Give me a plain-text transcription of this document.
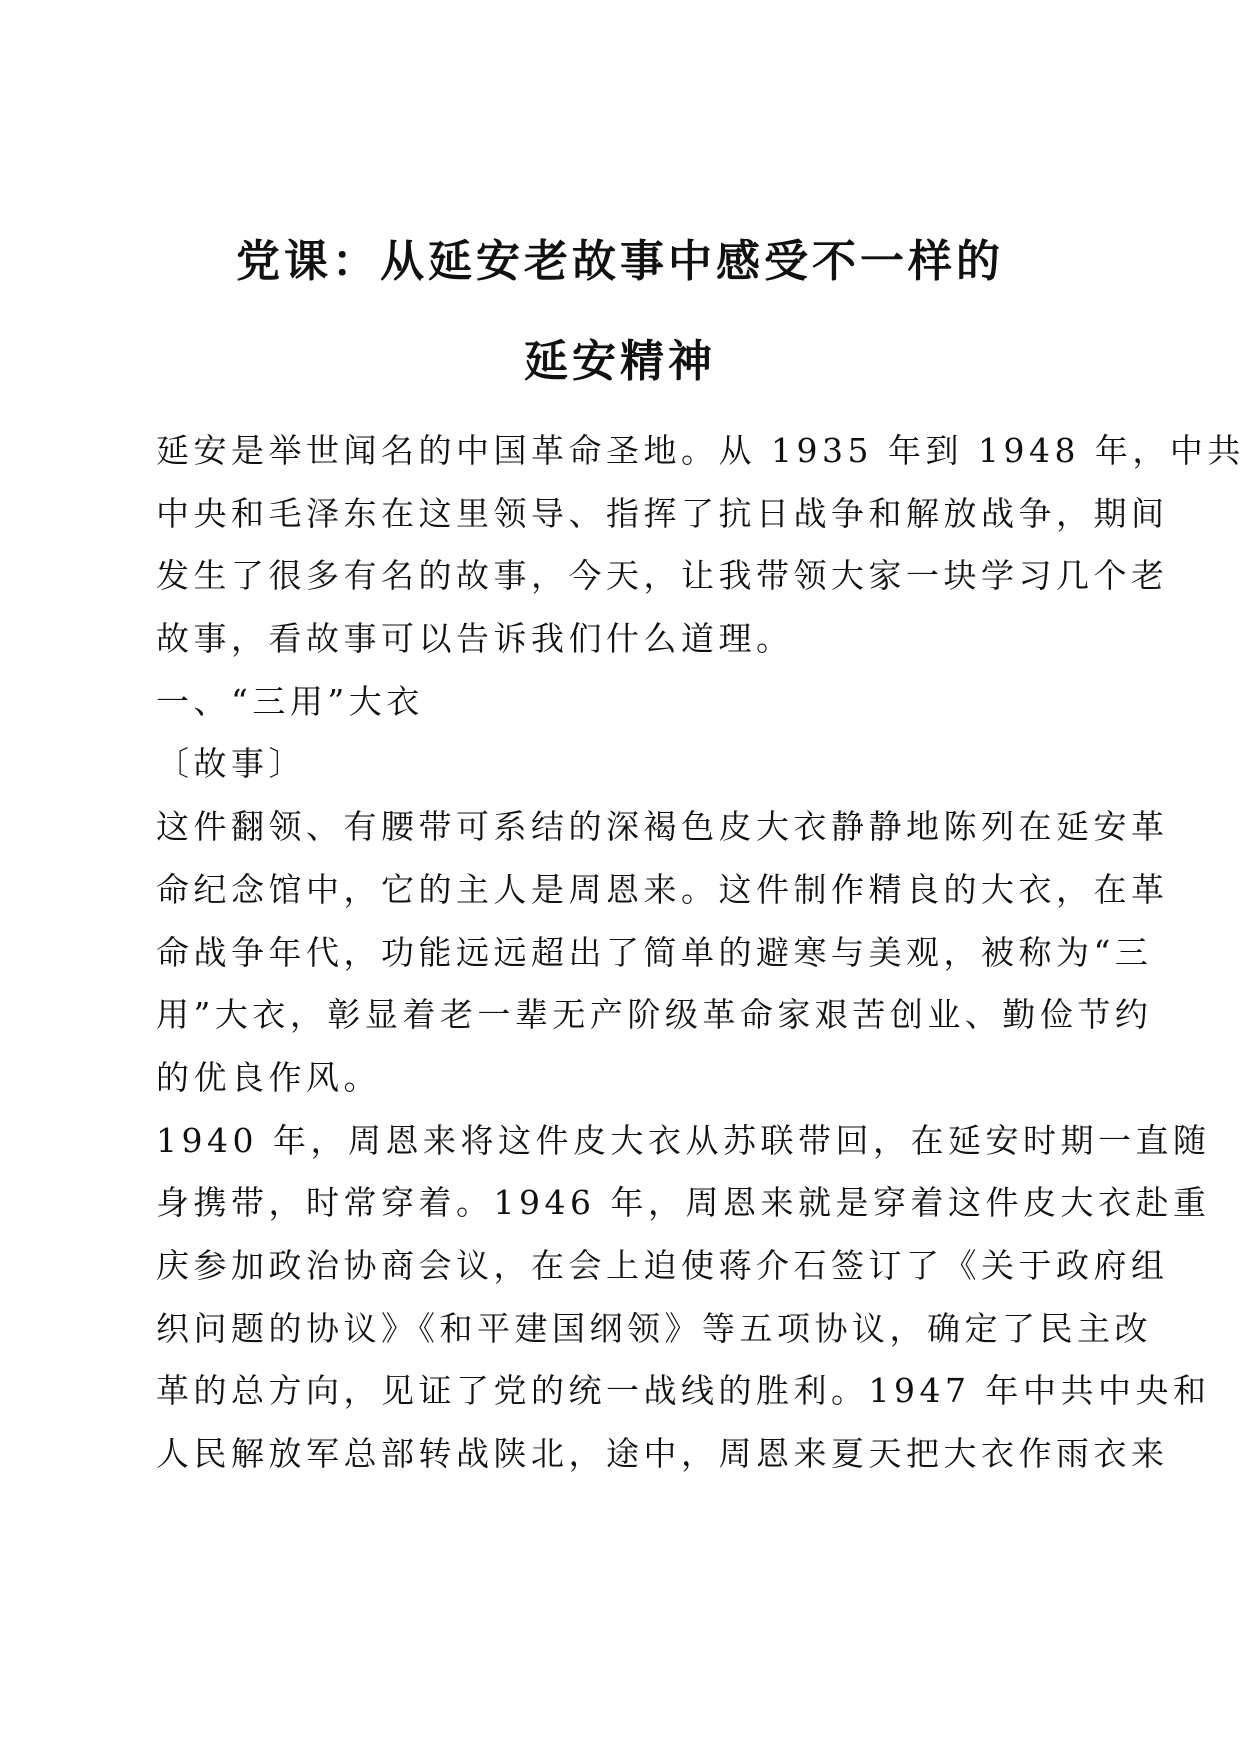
党课：从延安老故事中感受不一样的
延安精神
延安是举世闻名的中国革命圣地。从 1935 年到 1948 年，中共
中央和毛泽东在这里领导、指挥了抗日战争和解放战争，期间
发生了很多有名的故事，今天，让我带领大家一块学习几个老
故事，看故事可以告诉我们什么道理。
一、“三用”大衣
〔故事〕
这件翻领、有腰带可系结的深褐色皮大衣静静地陈列在延安革
命纪念馆中，它的主人是周恩来。这件制作精良的大衣，在革
命战争年代，功能远远超出了简单的避寒与美观，被称为“三
用”大衣，彰显着老一辈无产阶级革命家艰苦创业、勤俭节约
的优良作风。
1940 年，周恩来将这件皮大衣从苏联带回，在延安时期一直随
身携带，时常穿着。1946 年，周恩来就是穿着这件皮大衣赴重
庆参加政治协商会议，在会上迫使蒋介石签订了《关于政府组
织问题的协议》《和平建国纲领》等五项协议，确定了民主改
革的总方向，见证了党的统一战线的胜利。1947 年中共中央和
人民解放军总部转战陕北，途中，周恩来夏天把大衣作雨衣来
